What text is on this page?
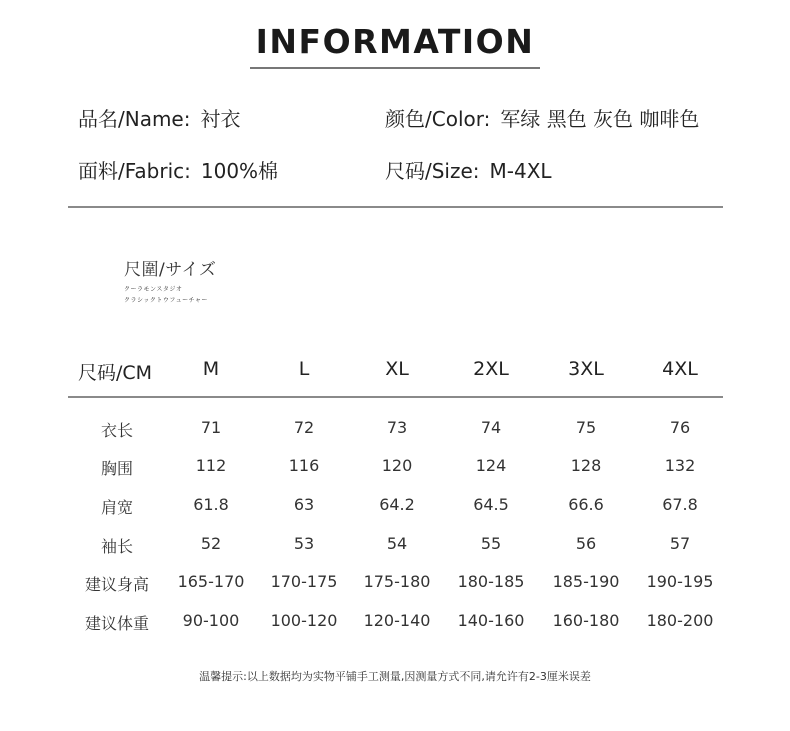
INFORMATION
品名/Name: 衬衣	颜色/Color: 军绿 黑色 灰色 咖啡色
面料/Fabric: 100%棉	尺码/Size: M-4XL
尺圍/サイズ
クーラモンスタジオ
クラシックトウフューチャー
尺码/CM	M	L	XL	2XL	3XL	4XL
衣长	71	72	73	74	75	76
胸围	112	116	120	124	128	132
肩宽	61.8	63	64.2	64.5	66.6	67.8
袖长	52	53	54	55	56	57
建议身高 165-170 170-175 175-180 180-185 185-190 190-195
建议体重 90-100 100-120 120-140 140-160 160-180 180-200
温馨提示:以上数据均为实物平铺手工测量,因测量方式不同,请允许有2-3厘米误差
